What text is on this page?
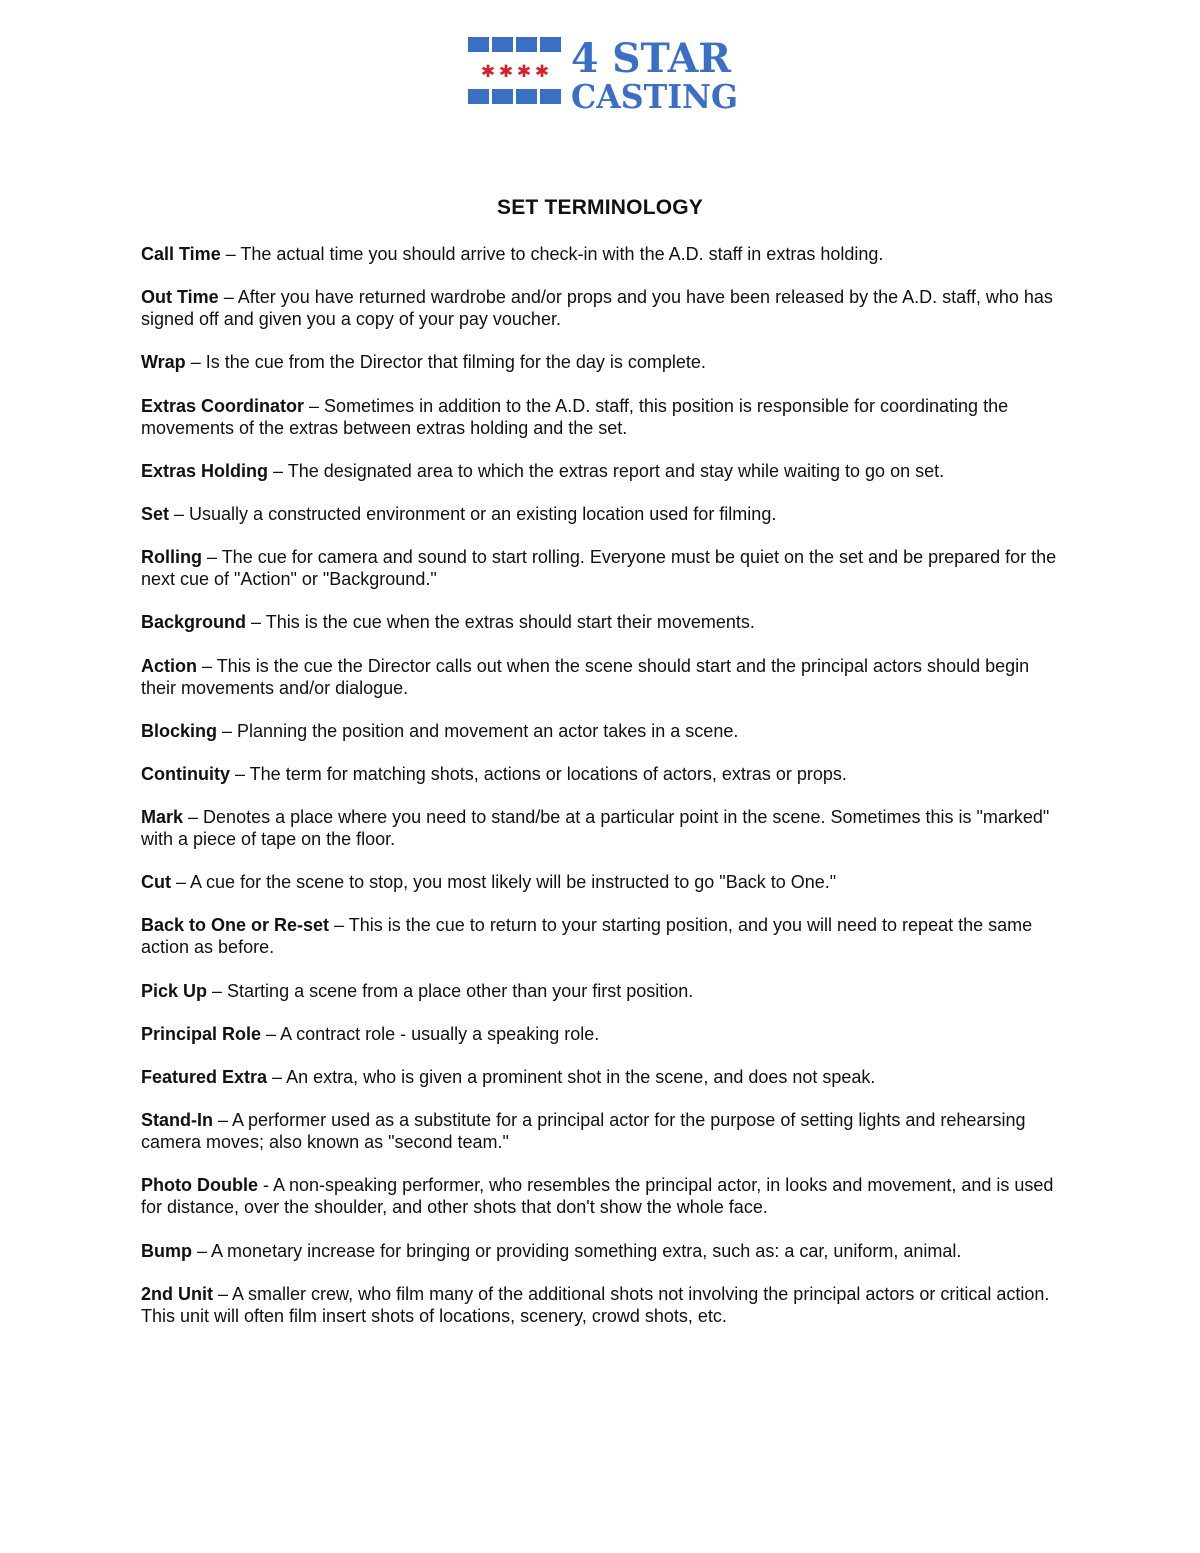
✱ ✱ ✱ ✱ 4 STAR
CASTING
SET TERMINOLOGY

Call Time – The actual time you should arrive to check-in with the A.D. staff in extras holding.

Out Time – After you have returned wardrobe and/or props and you have been released by the A.D. staff, who has signed off and given you a copy of your pay voucher.

Wrap – Is the cue from the Director that filming for the day is complete.

Extras Coordinator – Sometimes in addition to the A.D. staff, this position is responsible for coordinating the movements of the extras between extras holding and the set.

Extras Holding – The designated area to which the extras report and stay while waiting to go on set.

Set – Usually a constructed environment or an existing location used for filming.

Rolling – The cue for camera and sound to start rolling. Everyone must be quiet on the set and be prepared for the next cue of "Action" or "Background."

Background – This is the cue when the extras should start their movements.

Action – This is the cue the Director calls out when the scene should start and the principal actors should begin their movements and/or dialogue.

Blocking – Planning the position and movement an actor takes in a scene.

Continuity – The term for matching shots, actions or locations of actors, extras or props.

Mark – Denotes a place where you need to stand/be at a particular point in the scene. Sometimes this is "marked" with a piece of tape on the floor.

Cut – A cue for the scene to stop, you most likely will be instructed to go "Back to One."

Back to One or Re-set – This is the cue to return to your starting position, and you will need to repeat the same action as before.

Pick Up – Starting a scene from a place other than your first position.

Principal Role – A contract role - usually a speaking role.

Featured Extra – An extra, who is given a prominent shot in the scene, and does not speak.

Stand-In – A performer used as a substitute for a principal actor for the purpose of setting lights and rehearsing camera moves; also known as "second team."

Photo Double - A non-speaking performer, who resembles the principal actor, in looks and movement, and is used for distance, over the shoulder, and other shots that don't show the whole face.

Bump – A monetary increase for bringing or providing something extra, such as: a car, uniform, animal.

2nd Unit – A smaller crew, who film many of the additional shots not involving the principal actors or critical action. This unit will often film insert shots of locations, scenery, crowd shots, etc.
